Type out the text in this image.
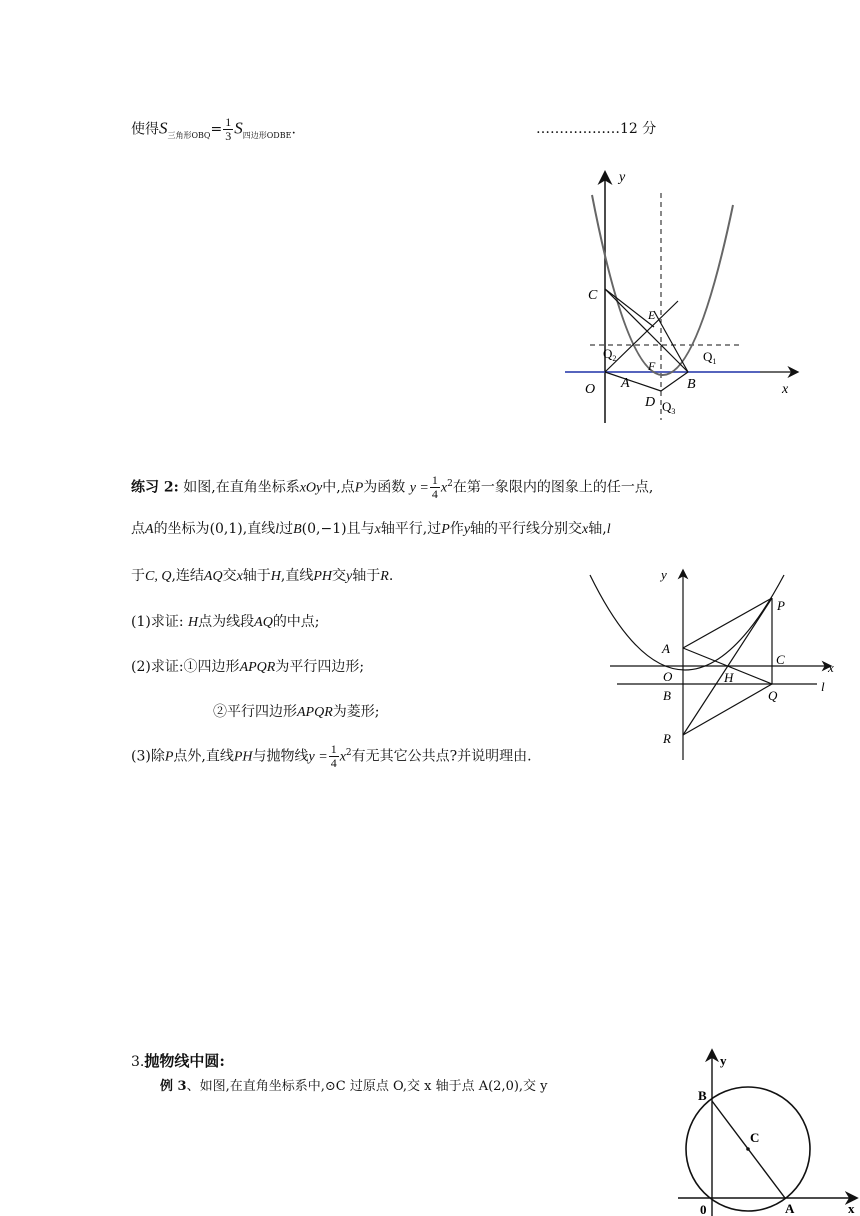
使得$S_{三角形OBQ}= \frac{1}{3} S_{四边形ODBE}$.	………………12 分
y
x
C
E
$Q_2$	$Q_1$
F
O A	B
D $Q_3$
练习 2: 如图,在直角坐标系xOy中,点P为函数 $y = \frac{1}{4} x^2$在第一象限内的图象上的任一点,
点A的坐标为(0,1),直线l过B(0,−1)且与x轴平行,过P作y轴的平行线分别交x轴,l
于C, Q,连结AQ交x轴于H,直线PH交y轴于R.
(1)求证: H点为线段AQ的中点;
(2)求证:①四边形APQR为平行四边形;
②平行四边形APQR为菱形;
(3)除P点外,直线PH与抛物线$y = \frac{1}{4} x^2$有无其它公共点?并说明理由.
y
x
P
A
C
O	H
l
B	Q
R
3.抛物线中圆:
例 3、如图,在直角坐标系中,⊙C 过原点 O,交 x 轴于点 A(2,0),交 y
y
x
B
C
0	A
